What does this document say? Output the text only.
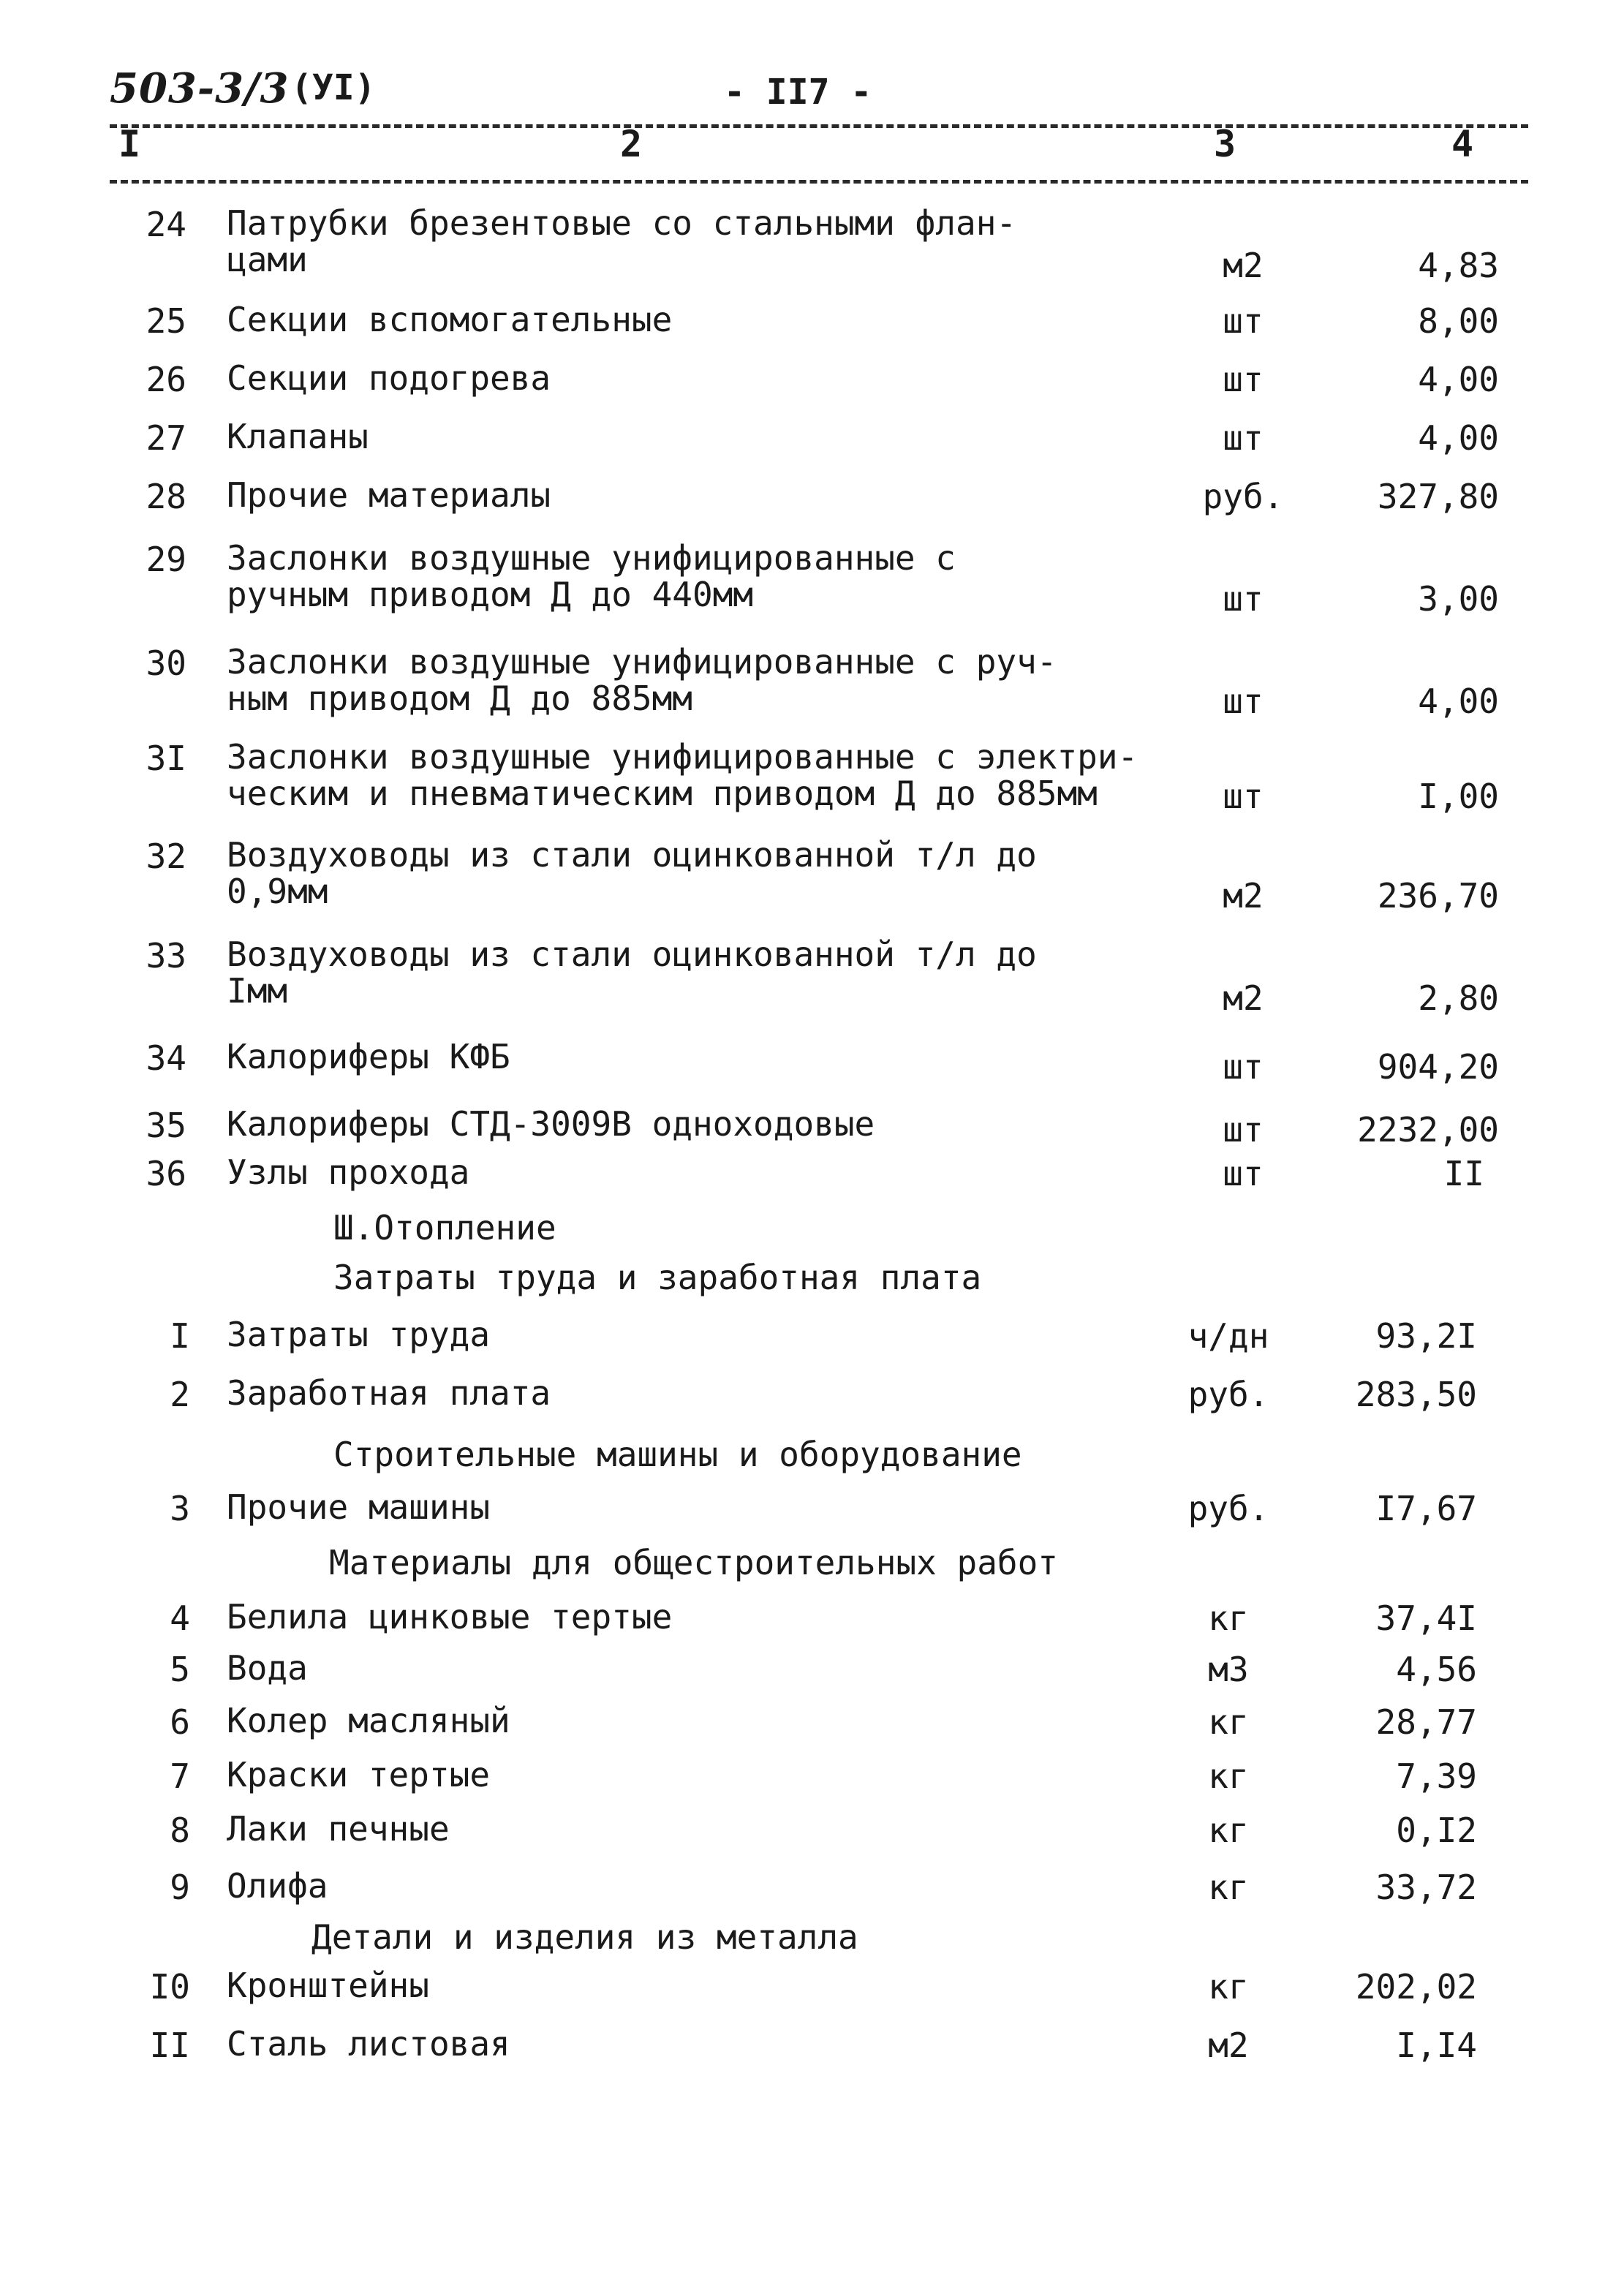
503-3/3 (УI)	- II7 -
I	2	3	4
24 Патрубки брезентовые со стальными флан-
цами	м2	4,83
25 Секции вспомогательные	шт	8,00
26 Секции подогрева	шт	4,00
27 Клапаны	шт	4,00
28 Прочие материалы	руб.	327,80
29 Заслонки воздушные унифицированные с
ручным приводом Д до 440мм	шт	3,00
30 Заслонки воздушные унифицированные с руч-
ным приводом Д до 885мм	шт	4,00
3I Заслонки воздушные унифицированные с электри-
ческим и пневматическим приводом Д до 885мм	шт	I,00
32 Воздуховоды из стали оцинкованной т/л до
0,9мм	м2	236,70
33 Воздуховоды из стали оцинкованной т/л до
Iмм	м2	2,80
34 Калориферы КФБ	шт	904,20
35 Калориферы СТД-3009В одноходовые	шт	2232,00
36 Узлы прохода	шт	II
Ш.Отопление
Затраты труда и заработная плата
I Затраты труда	ч/дн	93,2I
2 Заработная плата	руб.	283,50
Строительные машины и оборудование
3 Прочие машины	руб.	I7,67
Материалы для общестроительных работ
4 Белила цинковые тертые	кг	37,4I
5 Вода	м3	4,56
6 Колер масляный	кг	28,77
7 Краски тертые	кг	7,39
8 Лаки печные	кг	0,I2
9 Олифа	кг	33,72
Детали и изделия из металла
I0 Кронштейны	кг	202,02
II Сталь листовая	м2	I,I4
